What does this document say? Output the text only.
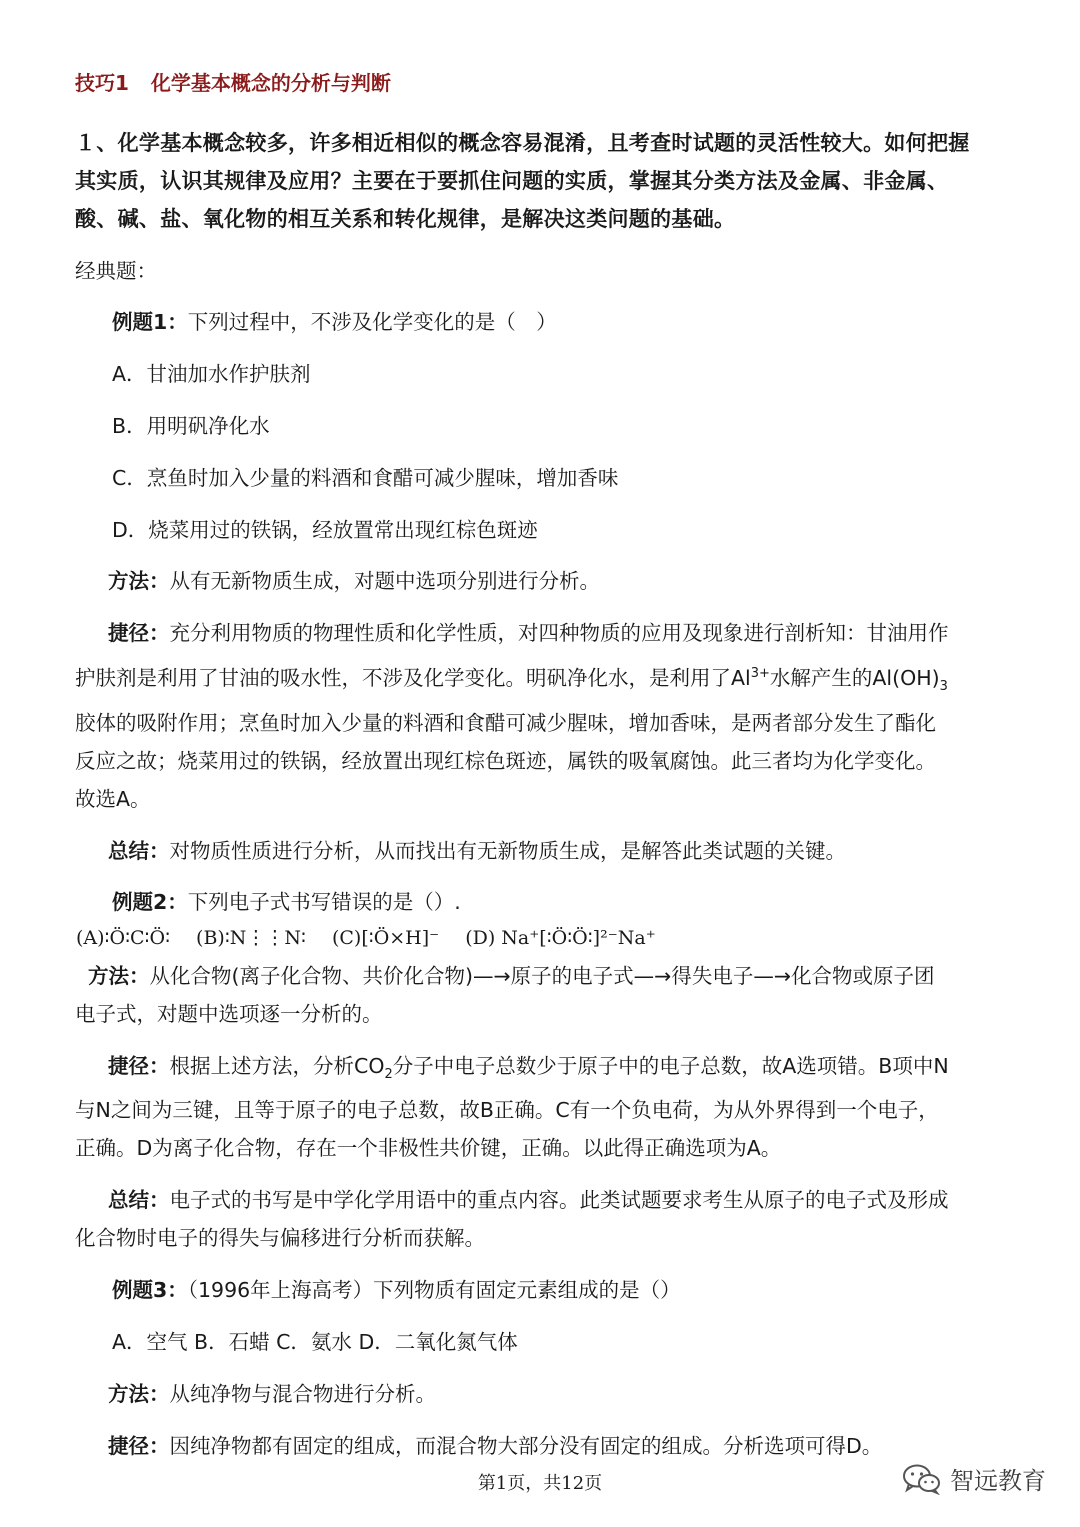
技巧1 化学基本概念的分析与判断
１、化学基本概念较多，许多相近相似的概念容易混淆，且考查时试题的灵活性较大。如何把握
其实质，认识其规律及应用？主要在于要抓住问题的实质，掌握其分类方法及金属、非金属、
酸、碱、盐、氧化物的相互关系和转化规律，是解决这类问题的基础。
经典题：
例题1：下列过程中，不涉及化学变化的是（　）
A．甘油加水作护肤剂
B．用明矾净化水
C．烹鱼时加入少量的料酒和食醋可减少腥味，增加香味
D．烧菜用过的铁锅，经放置常出现红棕色斑迹
方法：从有无新物质生成，对题中选项分别进行分析。
捷径：充分利用物质的物理性质和化学性质，对四种物质的应用及现象进行剖析知：甘油用作
护肤剂是利用了甘油的吸水性，不涉及化学变化。明矾净化水，是利用了$Al^{3+}$水解产生的$Al(OH)_3$
胶体的吸附作用；烹鱼时加入少量的料酒和食醋可减少腥味，增加香味，是两者部分发生了酯化
反应之故；烧菜用过的铁锅，经放置出现红棕色斑迹，属铁的吸氧腐蚀。此三者均为化学变化。
故选A。
总结：对物质性质进行分析，从而找出有无新物质生成，是解答此类试题的关键。
例题2：下列电子式书写错误的是（）.
(A)∶Ö∶C∶Ö∶ (B)∶N⋮⋮N∶ (C)[∶Ö×H]⁻ (D) Na⁺[∶Ö∶Ö∶]²⁻Na⁺
方法：从化合物(离子化合物、共价化合物)—→原子的电子式—→得失电子—→化合物或原子团
电子式，对题中选项逐一分析的。
捷径：根据上述方法，分析$CO_2$分子中电子总数少于原子中的电子总数，故A选项错。B项中N
与N之间为三键，且等于原子的电子总数，故B正确。C有一个负电荷，为从外界得到一个电子，
正确。D为离子化合物，存在一个非极性共价键，正确。以此得正确选项为A。
总结：电子式的书写是中学化学用语中的重点内容。此类试题要求考生从原子的电子式及形成
化合物时电子的得失与偏移进行分析而获解。
例题3：（1996年上海高考）下列物质有固定元素组成的是（）
A．空气 B．石蜡 C．氨水 D．二氧化氮气体
方法：从纯净物与混合物进行分析。
捷径：因纯净物都有固定的组成，而混合物大部分没有固定的组成。分析选项可得D。
第1页，共12页	智远教育
